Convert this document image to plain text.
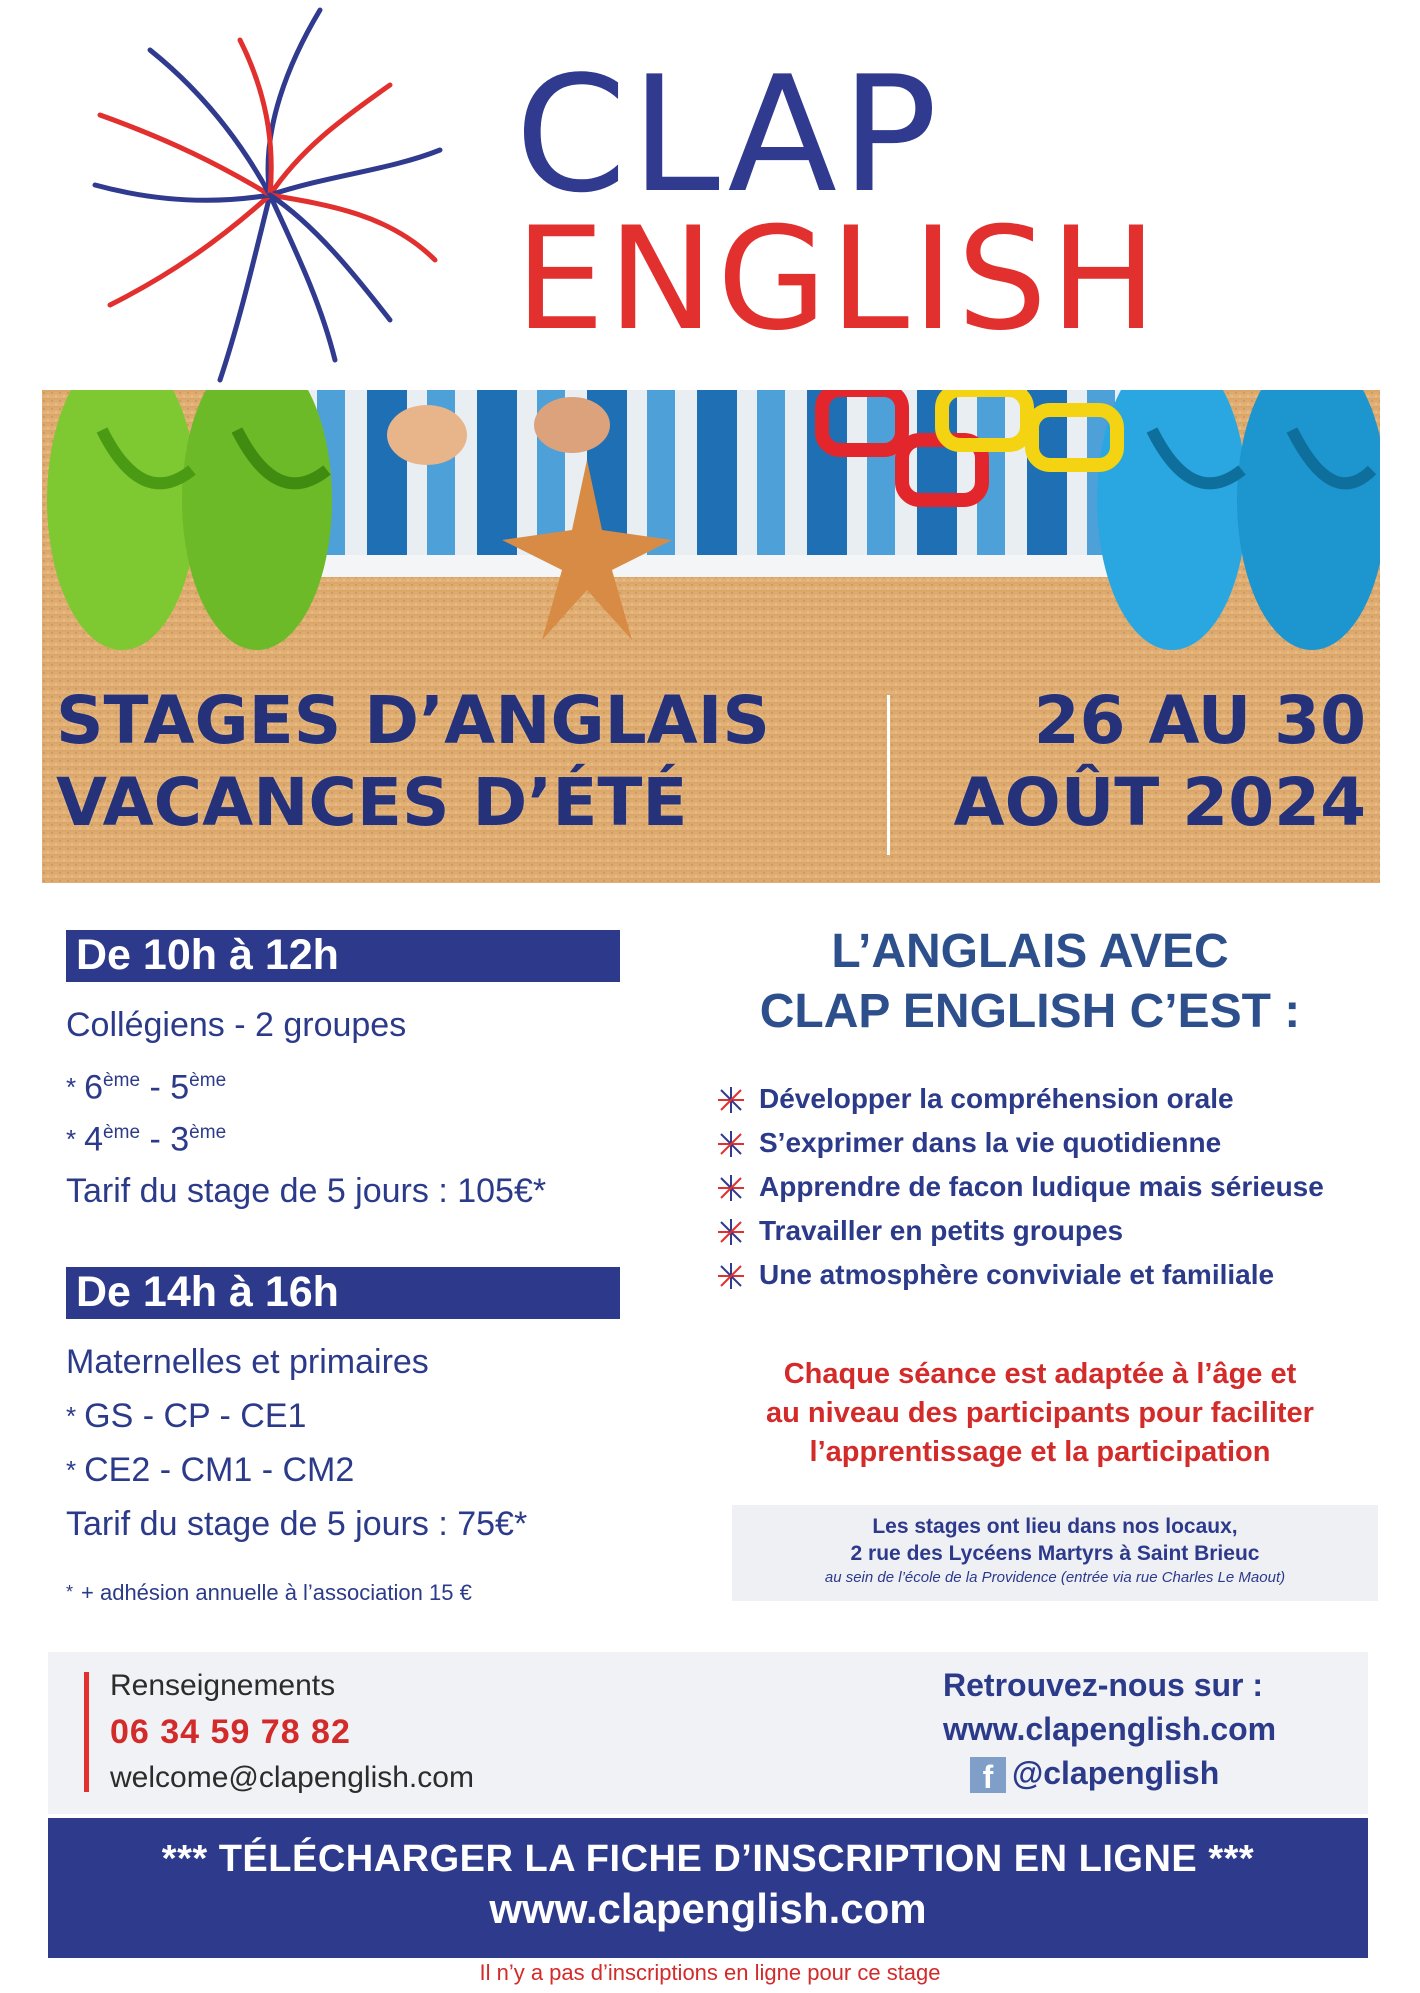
CLAP
ENGLISH
STAGES D’ANGLAIS
VACANCES D’ÉTÉ
26 AU 30
AOÛT 2024
De 10h à 12h
Collégiens - 2 groupes
* 6ème - 5ème
* 4ème - 3ème
Tarif du stage de 5 jours : 105€*
De 14h à 16h
Maternelles et primaires
* GS - CP - CE1
* CE2 - CM1 - CM2
Tarif du stage de 5 jours : 75€*
* + adhésion annuelle à l’association 15 €
L’ANGLAIS AVEC
CLAP ENGLISH C’EST :
Développer la compréhension orale
S’exprimer dans la vie quotidienne
Apprendre de facon ludique mais sérieuse
Travailler en petits groupes
Une atmosphère conviviale et familiale
Chaque séance est adaptée à l’âge et
au niveau des participants pour faciliter
l’apprentissage et la participation
Les stages ont lieu dans nos locaux,
2 rue des Lycéens Martyrs à Saint Brieuc
au sein de l’école de la Providence (entrée via rue Charles Le Maout)
Renseignements
06 34 59 78 82
welcome@clapenglish.com
Retrouvez-nous sur :
www.clapenglish.com
f @clapenglish
*** TÉLÉCHARGER LA FICHE D’INSCRIPTION EN LIGNE ***
www.clapenglish.com
Il n’y a pas d’inscriptions en ligne pour ce stage
